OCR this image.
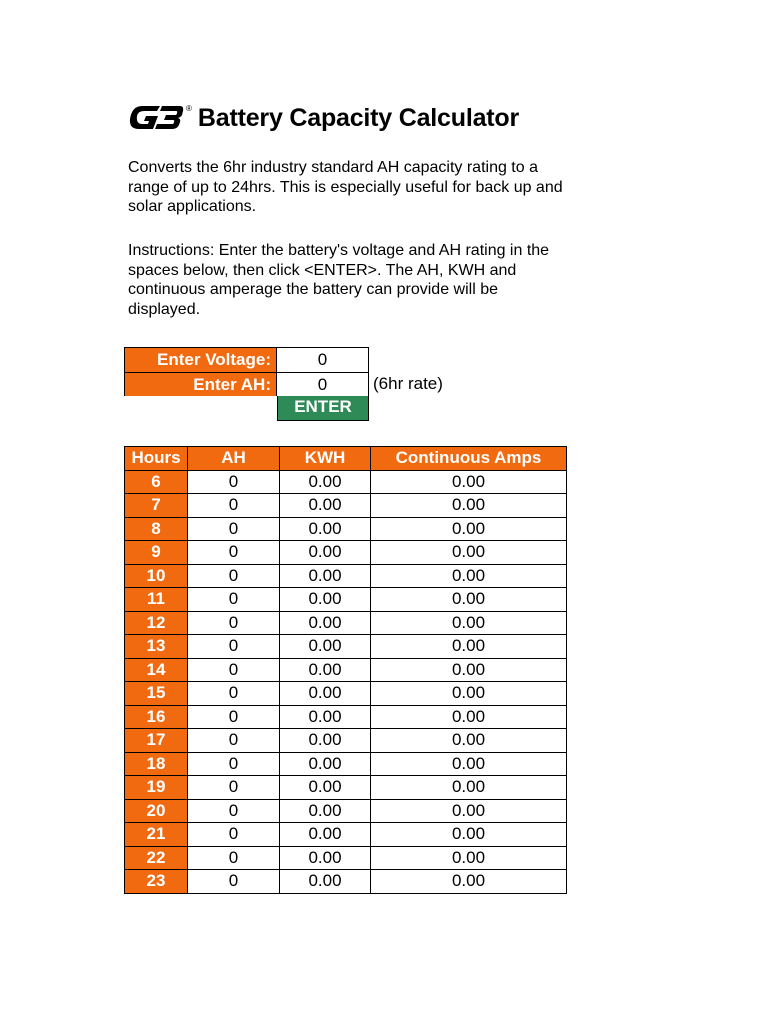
® Battery Capacity Calculator

Converts the 6hr industry standard AH capacity rating to a range of up to 24hrs. This is especially useful for back up and solar applications.

Instructions: Enter the battery's voltage and AH rating in the spaces below, then click <ENTER>. The AH, KWH and continuous amperage the battery can provide will be displayed.

Enter Voltage:	0
Enter AH:	0	(6hr rate)
ENTER
Hours	AH	KWH	Continuous Amps
6	0	0.00	0.00
7	0	0.00	0.00
8	0	0.00	0.00
9	0	0.00	0.00
10	0	0.00	0.00
11	0	0.00	0.00
12	0	0.00	0.00
13	0	0.00	0.00
14	0	0.00	0.00
15	0	0.00	0.00
16	0	0.00	0.00
17	0	0.00	0.00
18	0	0.00	0.00
19	0	0.00	0.00
20	0	0.00	0.00
21	0	0.00	0.00
22	0	0.00	0.00
23	0	0.00	0.00
